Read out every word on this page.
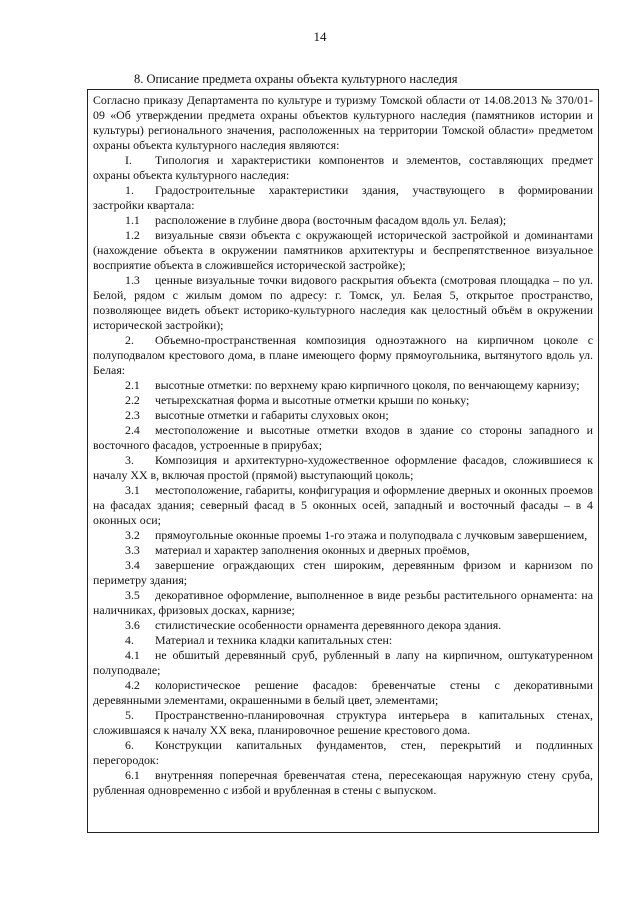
14
8. Описание предмета охраны объекта культурного наследия

Согласно приказу Департамента по культуре и туризму Томской области от 14.08.2013 № 370/01-09 «Об утверждении предмета охраны объектов культурного наследия (памятников истории и культуры) регионального значения, расположенных на территории Томской области» предметом охраны объекта культурного наследия являются:

I. Типология и характеристики компонентов и элементов, составляющих предмет охраны объекта культурного наследия:

1. Градостроительные характеристики здания, участвующего в формировании застройки квартала:

1.1 расположение в глубине двора (восточным фасадом вдоль ул. Белая);

1.2 визуальные связи объекта с окружающей исторической застройкой и доминантами (нахождение объекта в окружении памятников архитектуры и беспрепятственное визуальное восприятие объекта в сложившейся исторической застройке);

1.3 ценные визуальные точки видового раскрытия объекта (смотровая площадка – по ул. Белой, рядом с жилым домом по адресу: г. Томск, ул. Белая 5, открытое пространство, позволяющее видеть объект историко-культурного наследия как целостный объём в окружении исторической застройки);

2. Объемно-пространственная композиция одноэтажного на кирпичном цоколе с полуподвалом крестового дома, в плане имеющего форму прямоугольника, вытянутого вдоль ул. Белая:

2.1 высотные отметки: по верхнему краю кирпичного цоколя, по венчающему карнизу;

2.2 четырехскатная форма и высотные отметки крыши по коньку;

2.3 высотные отметки и габариты слуховых окон;

2.4 местоположение и высотные отметки входов в здание со стороны западного и восточного фасадов, устроенные в прирубах;

3. Композиция и архитектурно-художественное оформление фасадов, сложившиеся к началу XX в, включая простой (прямой) выступающий цоколь;

3.1 местоположение, габариты, конфигурация и оформление дверных и оконных проемов на фасадах здания; северный фасад в 5 оконных осей, западный и восточный фасады – в 4 оконных оси;

3.2 прямоугольные оконные проемы 1-го этажа и полуподвала с лучковым завершением,

3.3 материал и характер заполнения оконных и дверных проёмов,

3.4 завершение ограждающих стен широким, деревянным фризом и карнизом по периметру здания;

3.5 декоративное оформление, выполненное в виде резьбы растительного орнамента: на наличниках, фризовых досках, карнизе;

3.6 стилистические особенности орнамента деревянного декора здания.

4. Материал и техника кладки капитальных стен:

4.1 не обшитый деревянный сруб, рубленный в лапу на кирпичном, оштукатуренном полуподвале;

4.2 колористическое решение фасадов: бревенчатые стены с декоративными деревянными элементами, окрашенными в белый цвет, элементами;

5. Пространственно-планировочная структура интерьера в капитальных стенах, сложившаяся к началу XX века, планировочное решение крестового дома.

6. Конструкции капитальных фундаментов, стен, перекрытий и подлинных перегородок:

6.1 внутренняя поперечная бревенчатая стена, пересекающая наружную стену сруба, рубленная одновременно с избой и врубленная в стены с выпуском.
